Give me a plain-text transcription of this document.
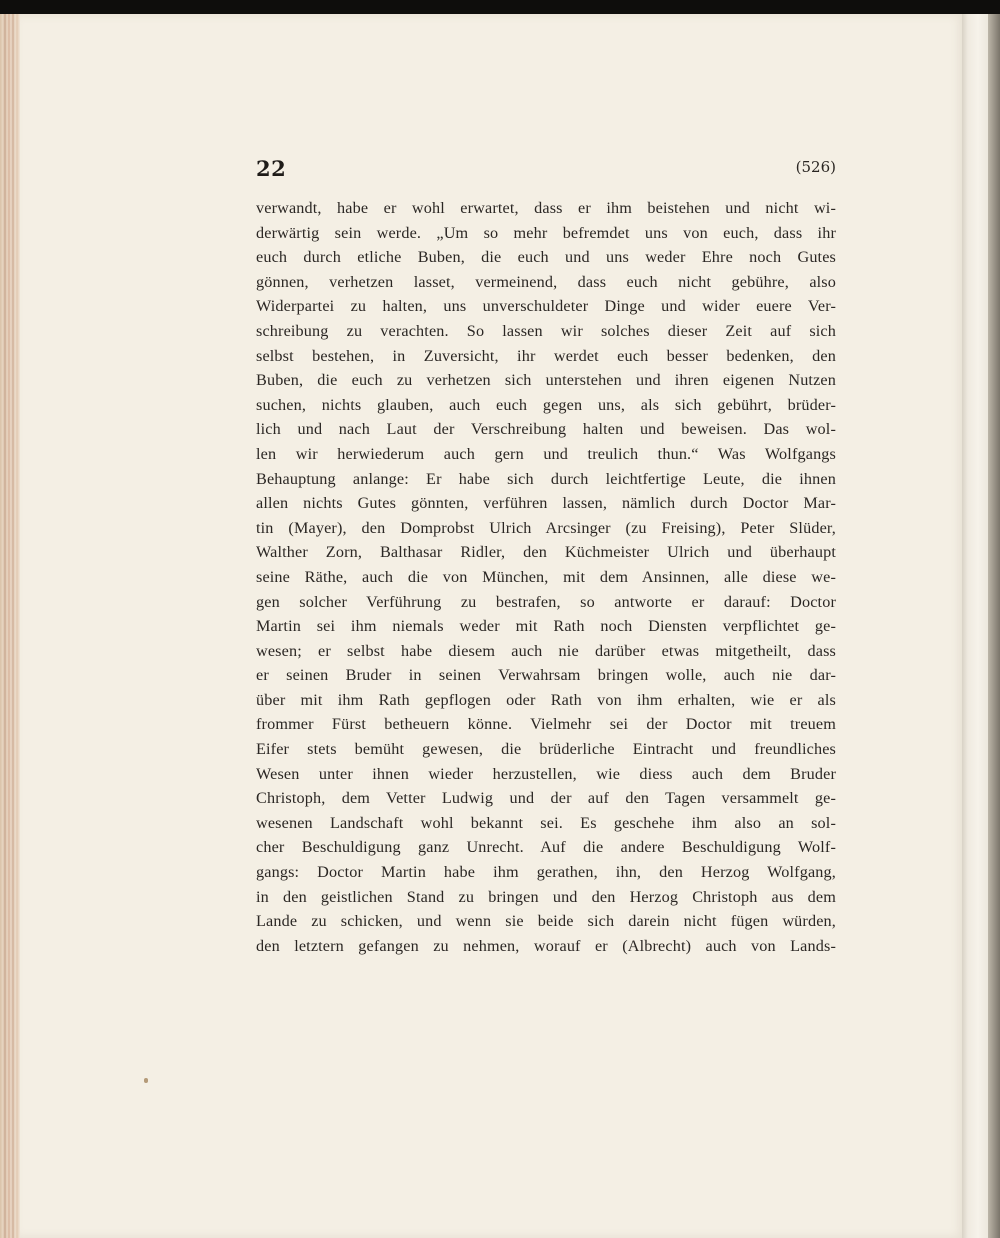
22	(526)
verwandt, habe er wohl erwartet, dass er ihm beistehen und nicht wi-
derwärtig sein werde. „Um so mehr befremdet uns von euch, dass ihr
euch durch etliche Buben, die euch und uns weder Ehre noch Gutes
gönnen, verhetzen lasset, vermeinend, dass euch nicht gebühre, also
Widerpartei zu halten, uns unverschuldeter Dinge und wider euere Ver-
schreibung zu verachten. So lassen wir solches dieser Zeit auf sich
selbst bestehen, in Zuversicht, ihr werdet euch besser bedenken, den
Buben, die euch zu verhetzen sich unterstehen und ihren eigenen Nutzen
suchen, nichts glauben, auch euch gegen uns, als sich gebührt, brüder-
lich und nach Laut der Verschreibung halten und beweisen. Das wol-
len wir herwiederum auch gern und treulich thun.“ Was Wolfgangs
Behauptung anlange: Er habe sich durch leichtfertige Leute, die ihnen
allen nichts Gutes gönnten, verführen lassen, nämlich durch Doctor Mar-
tin (Mayer), den Domprobst Ulrich Arcsinger (zu Freising), Peter Slüder,
Walther Zorn, Balthasar Ridler, den Küchmeister Ulrich und überhaupt
seine Räthe, auch die von München, mit dem Ansinnen, alle diese we-
gen solcher Verführung zu bestrafen, so antworte er darauf: Doctor
Martin sei ihm niemals weder mit Rath noch Diensten verpflichtet ge-
wesen; er selbst habe diesem auch nie darüber etwas mitgetheilt, dass
er seinen Bruder in seinen Verwahrsam bringen wolle, auch nie dar-
über mit ihm Rath gepflogen oder Rath von ihm erhalten, wie er als
frommer Fürst betheuern könne. Vielmehr sei der Doctor mit treuem
Eifer stets bemüht gewesen, die brüderliche Eintracht und freundliches
Wesen unter ihnen wieder herzustellen, wie diess auch dem Bruder
Christoph, dem Vetter Ludwig und der auf den Tagen versammelt ge-
wesenen Landschaft wohl bekannt sei. Es geschehe ihm also an sol-
cher Beschuldigung ganz Unrecht. Auf die andere Beschuldigung Wolf-
gangs: Doctor Martin habe ihm gerathen, ihn, den Herzog Wolfgang,
in den geistlichen Stand zu bringen und den Herzog Christoph aus dem
Lande zu schicken, und wenn sie beide sich darein nicht fügen würden,
den letztern gefangen zu nehmen, worauf er (Albrecht) auch von Lands-
